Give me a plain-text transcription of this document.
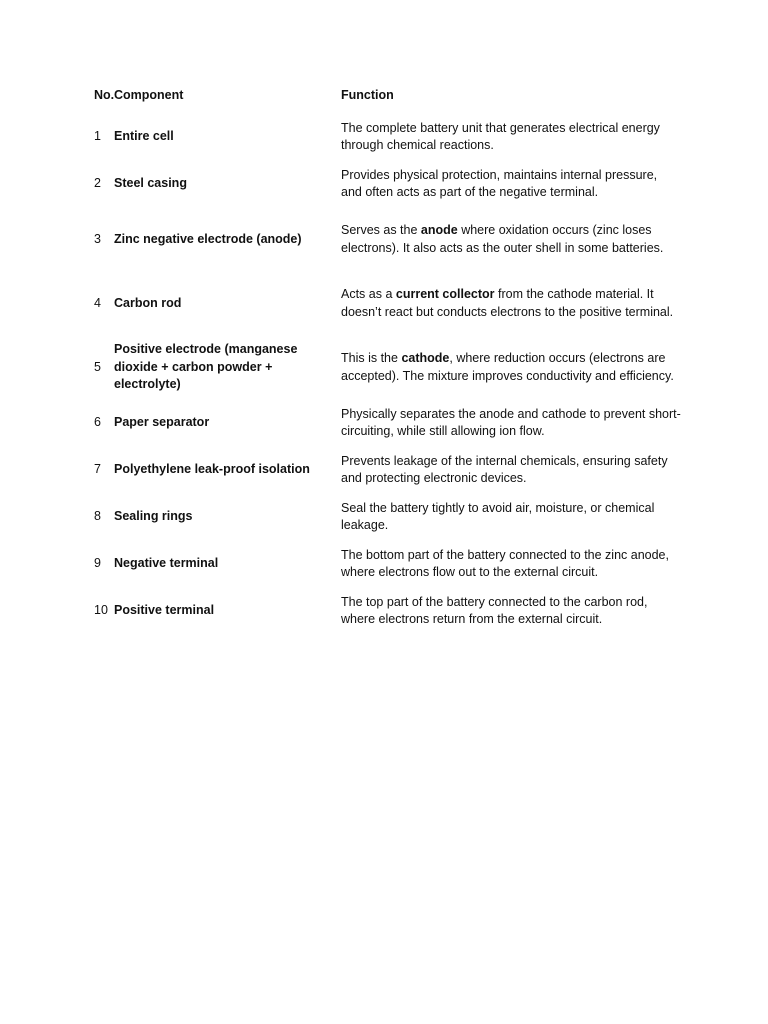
No.	Component	Function
1	Entire cell	The complete battery unit that generates electrical energy through chemical reactions.
2	Steel casing	Provides physical protection, maintains internal pressure, and often acts as part of the negative terminal.
3	Zinc negative electrode (anode)	Serves as the anode where oxidation occurs (zinc loses electrons). It also acts as the outer shell in some batteries.
4	Carbon rod	Acts as a current collector from the cathode material. It doesn’t react but conducts electrons to the positive terminal.
5	Positive electrode (manganese dioxide + carbon powder + electrolyte)	This is the cathode, where reduction occurs (electrons are accepted). The mixture improves conductivity and efficiency.
6	Paper separator	Physically separates the anode and cathode to prevent short-circuiting, while still allowing ion flow.
7	Polyethylene leak-proof isolation	Prevents leakage of the internal chemicals, ensuring safety and protecting electronic devices.
8	Sealing rings	Seal the battery tightly to avoid air, moisture, or chemical leakage.
9	Negative terminal	The bottom part of the battery connected to the zinc anode, where electrons flow out to the external circuit.
10	Positive terminal	The top part of the battery connected to the carbon rod, where electrons return from the external circuit.
